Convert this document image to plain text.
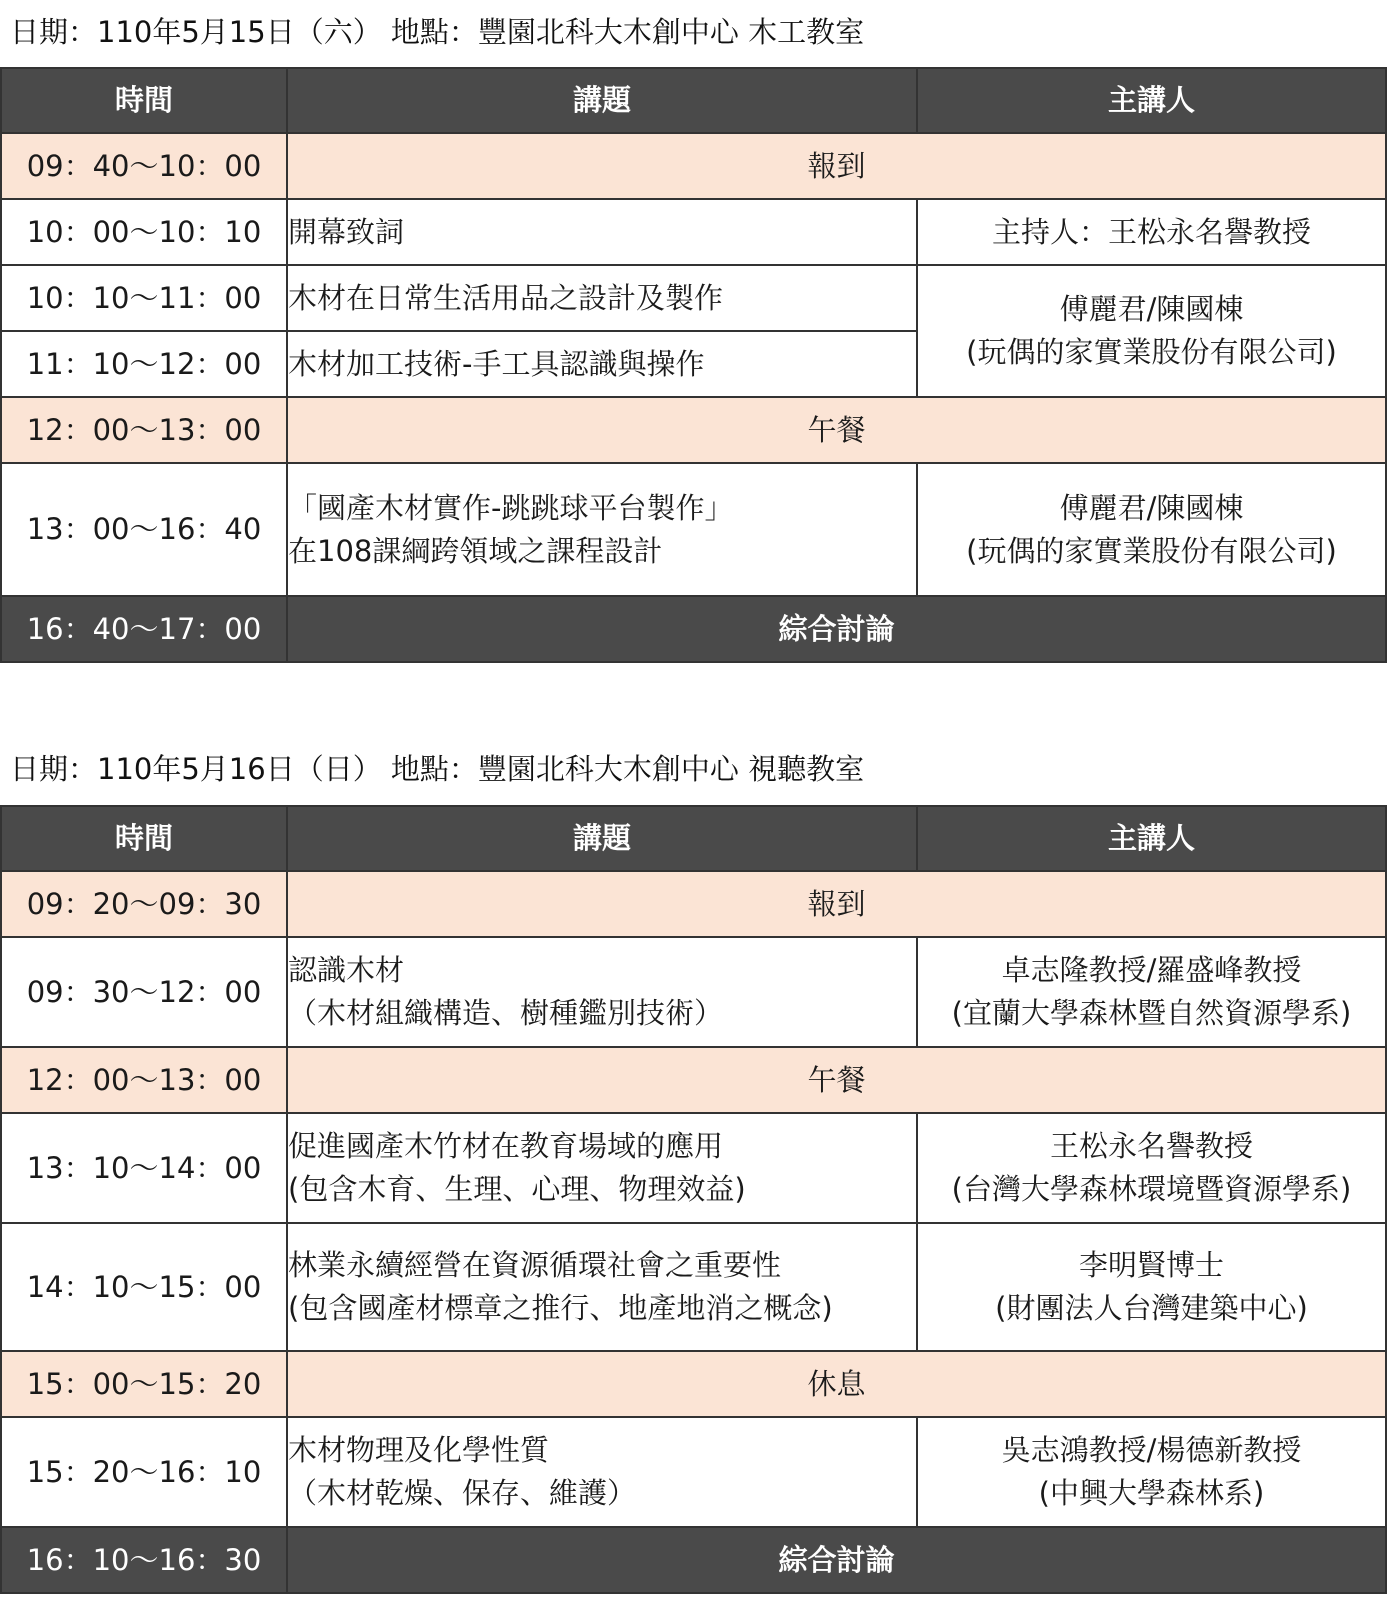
日期：110年5月15日（六） 地點：豐園北科大木創中心 木工教室
時間	講題	主講人
09：40～10：00	報到	
10：00～10：10	開幕致詞	主持人：王松永名譽教授
10：10～11：00	木材在日常生活用品之設計及製作	傅麗君/陳國棟
(玩偶的家實業股份有限公司)

11：10～12：00	木材加工技術-手工具認識與操作	
12：00～13：00	午餐	
13：00～16：40	「國產木材實作-跳跳球平台製作」
在108課綱跨領域之課程設計	傅麗君/陳國棟
(玩偶的家實業股份有限公司)

16：40～17：00	綜合討論	
日期：110年5月16日（日） 地點：豐園北科大木創中心 視聽教室
時間	講題	主講人
09：20～09：30	報到	
09：30～12：00	認識木材
（木材組織構造、樹種鑑別技術）	卓志隆教授/羅盛峰教授
(宜蘭大學森林暨自然資源學系)

12：00～13：00	午餐	
13：10～14：00	促進國產木竹材在教育場域的應用
(包含木育、生理、心理、物理效益)	王松永名譽教授
(台灣大學森林環境暨資源學系)

14：10～15：00	林業永續經營在資源循環社會之重要性
(包含國產材標章之推行、地產地消之概念)	李明賢博士
(財團法人台灣建築中心)

15：00～15：20	休息	
15：20～16：10	木材物理及化學性質
（木材乾燥、保存、維護）	吳志鴻教授/楊德新教授
(中興大學森林系)

16：10～16：30	綜合討論	
